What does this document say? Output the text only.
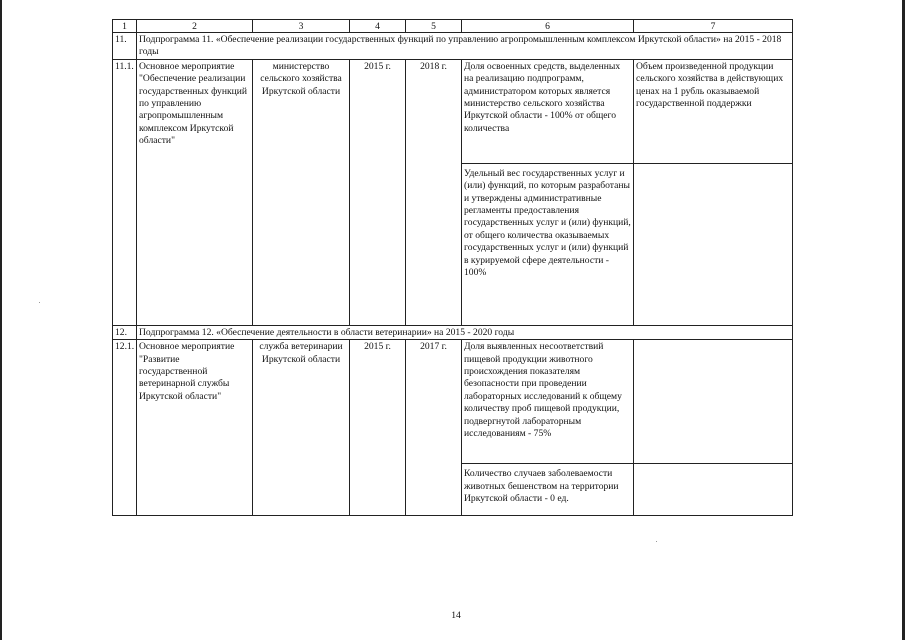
1	2	3	4	5	6	7
11.	Подпрограмма 11. «Обеспечение реализации государственных функций по управлению агропромышленным комплексом Иркутской области» на 2015 - 2018 годы					
11.1.	Основное мероприятие "Обеспечение реализации государственных функций по управлению агропромышленным комплексом Иркутской области"	министерство сельского хозяйства Иркутской области	2015 г.	2018 г.	Доля освоенных средств, выделенных на реализацию подпрограмм, администратором которых является министерство сельского хозяйства Иркутской области - 100% от общего количества	Объем произведенной продукции сельского хозяйства в действующих ценах на 1 рубль оказываемой государственной поддержки
					Удельный вес государственных услуг и (или) функций, по которым разработаны и утверждены административные регламенты предоставления государственных услуг и (или) функций, от общего количества оказываемых государственных услуг и (или) функций в курируемой сфере деятельности - 100%	
12.	Подпрограмма 12. «Обеспечение деятельности в области ветеринарии» на 2015 - 2020 годы					
12.1.	Основное мероприятие "Развитие государственной ветеринарной службы Иркутской области"	служба ветеринарии Иркутской области	2015 г.	2017 г.	Доля выявленных несоответствий пищевой продукции животного происхождения показателям безопасности при проведении лабораторных исследований к общему количеству проб пищевой продукции, подвергнутой лабораторным исследованиям - 75%	
					Количество случаев заболеваемости животных бешенством на территории Иркутской области - 0 ед.	
14
